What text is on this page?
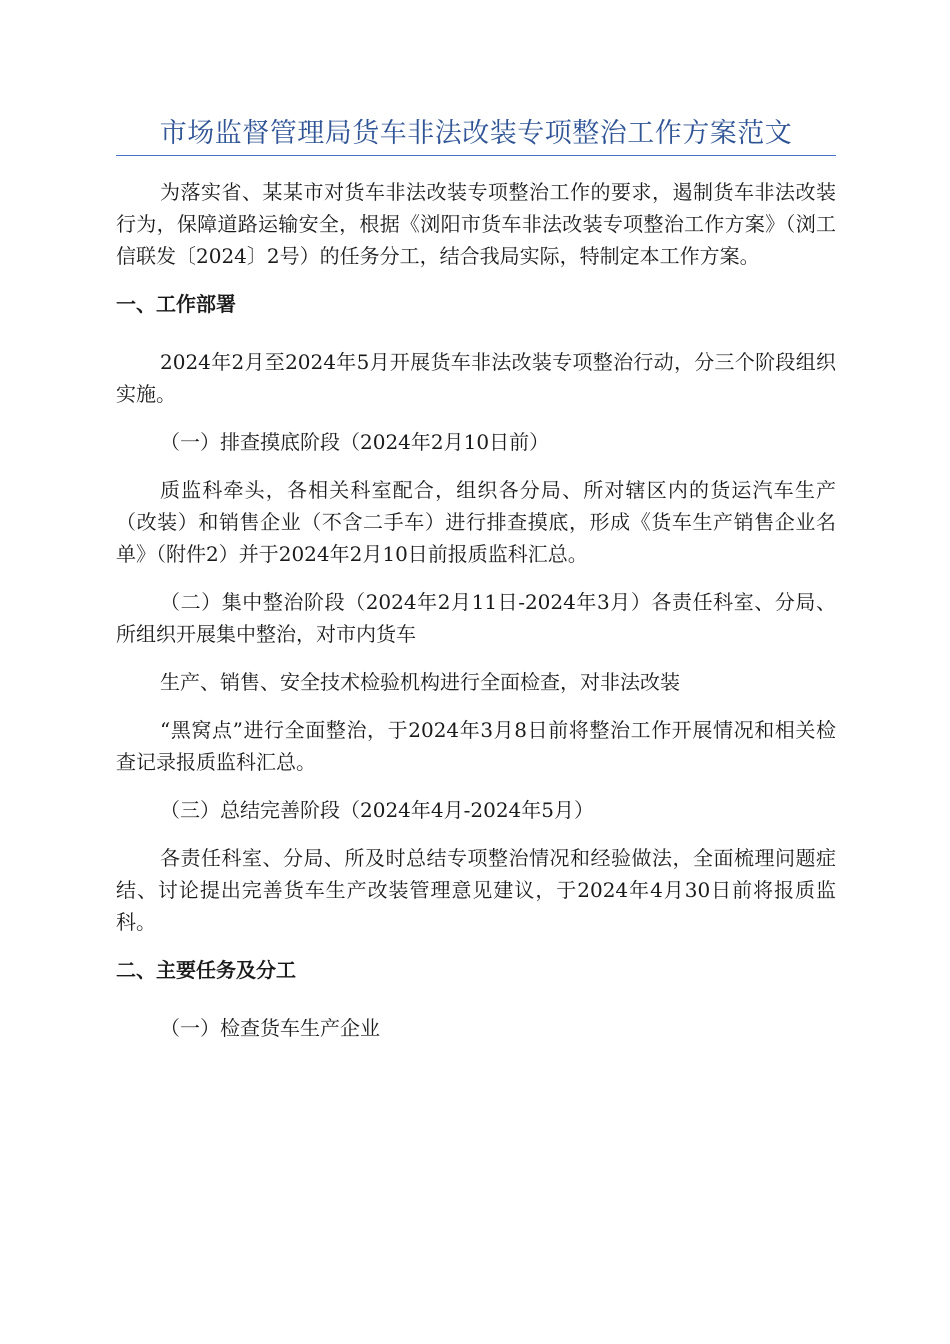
市场监督管理局货车非法改装专项整治工作方案范文

为落实省、某某市对货车非法改装专项整治工作的要求，遏制货车非法改装行为，保障道路运输安全，根据《浏阳市货车非法改装专项整治工作方案》（浏工信联发〔2024〕2号）的任务分工，结合我局实际，特制定本工作方案。

一、工作部署

2024年2月至2024年5月开展货车非法改装专项整治行动，分三个阶段组织实施。

（一）排查摸底阶段（2024年2月10日前）

质监科牵头，各相关科室配合，组织各分局、所对辖区内的货运汽车生产（改装）和销售企业（不含二手车）进行排查摸底，形成《货车生产销售企业名单》（附件2）并于2024年2月10日前报质监科汇总。

（二）集中整治阶段（2024年2月11日-2024年3月）各责任科室、分局、所组织开展集中整治，对市内货车

生产、销售、安全技术检验机构进行全面检查，对非法改装

“黑窝点”进行全面整治，于2024年3月8日前将整治工作开展情况和相关检查记录报质监科汇总。

（三）总结完善阶段（2024年4月-2024年5月）

各责任科室、分局、所及时总结专项整治情况和经验做法，全面梳理问题症结、讨论提出完善货车生产改装管理意见建议，于2024年4月30日前将报质监科。

二、主要任务及分工

（一）检查货车生产企业
